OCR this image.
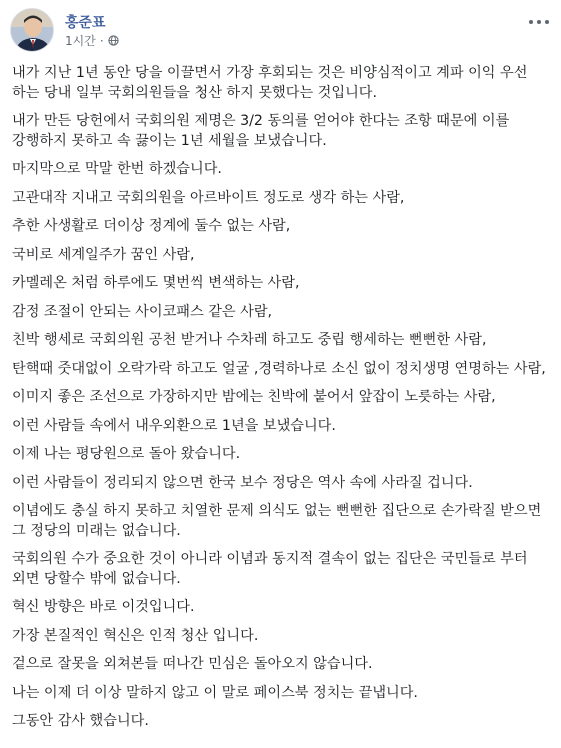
홍준표
1시간 ·

내가 지난 1년 동안 당을 이끌면서 가장 후회되는 것은 비양심적이고 계파 이익 우선 하는 당내 일부 국회의원들을 청산 하지 못했다는 것입니다.

내가 만든 당헌에서 국회의원 제명은 3/2 동의를 얻어야 한다는 조항 때문에 이를 강행하지 못하고 속 끓이는 1년 세월을 보냈습니다.

마지막으로 막말 한번 하겠습니다.

고관대작 지내고 국회의원을 아르바이트 정도로 생각 하는 사람,

추한 사생활로 더이상 정계에 둘수 없는 사람,

국비로 세계일주가 꿈인 사람,

카멜레온 처럼 하루에도 몇번씩 변색하는 사람,

감정 조절이 안되는 사이코패스 같은 사람,

친박 행세로 국회의원 공천 받거나 수차레 하고도 중립 행세하는 뻔뻔한 사람,

탄핵때 줏대없이 오락가락 하고도 얼굴 ,경력하나로 소신 없이 정치생명 연명하는 사람,

이미지 좋은 조선으로 가장하지만 밤에는 친박에 붙어서 앞잡이 노릇하는 사람,

이런 사람들 속에서 내우외환으로 1년을 보냈습니다.

이제 나는 평당원으로 돌아 왔습니다.

이런 사람들이 정리되지 않으면 한국 보수 정당은 역사 속에 사라질 겁니다.

이념에도 충실 하지 못하고 치열한 문제 의식도 없는 뻔뻔한 집단으로 손가락질 받으면 그 정당의 미래는 없습니다.

국회의원 수가 중요한 것이 아니라 이념과 동지적 결속이 없는 집단은 국민들로 부터 외면 당할수 밖에 없습니다.

혁신 방향은 바로 이것입니다.

가장 본질적인 혁신은 인적 청산 입니다.

겉으로 잘못을 외쳐본들 떠나간 민심은 돌아오지 않습니다.

나는 이제 더 이상 말하지 않고 이 말로 페이스북 정치는 끝냅니다.

그동안 감사 했습니다.
